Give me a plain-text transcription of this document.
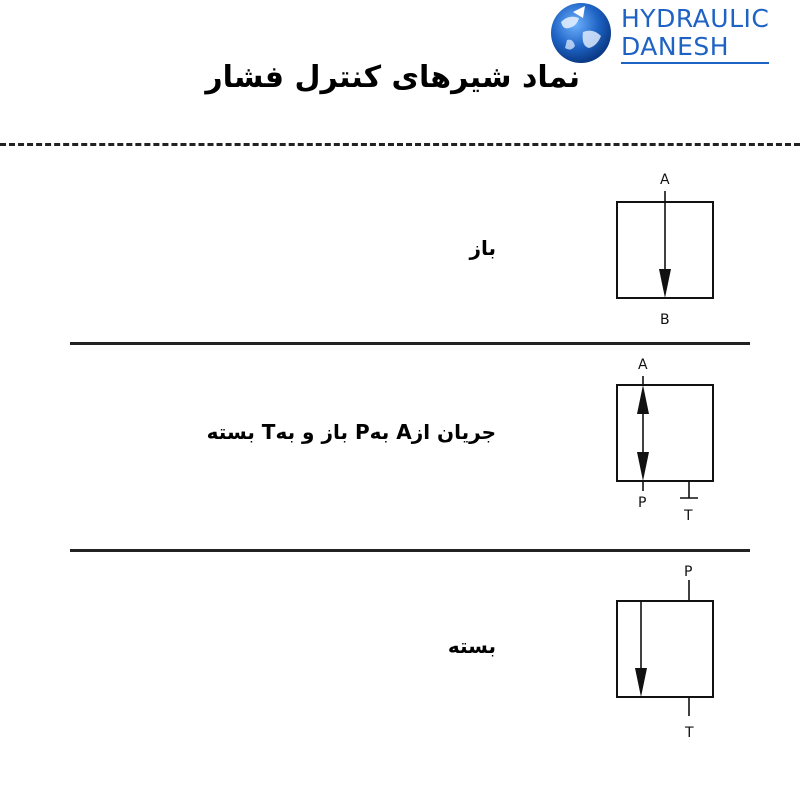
HYDRAULIC
DANESH
نماد شیرهای کنترل فشار
باز
A
B
جریان ازA بهP باز و بهT بسته
A
P
T
بسته
P
T
